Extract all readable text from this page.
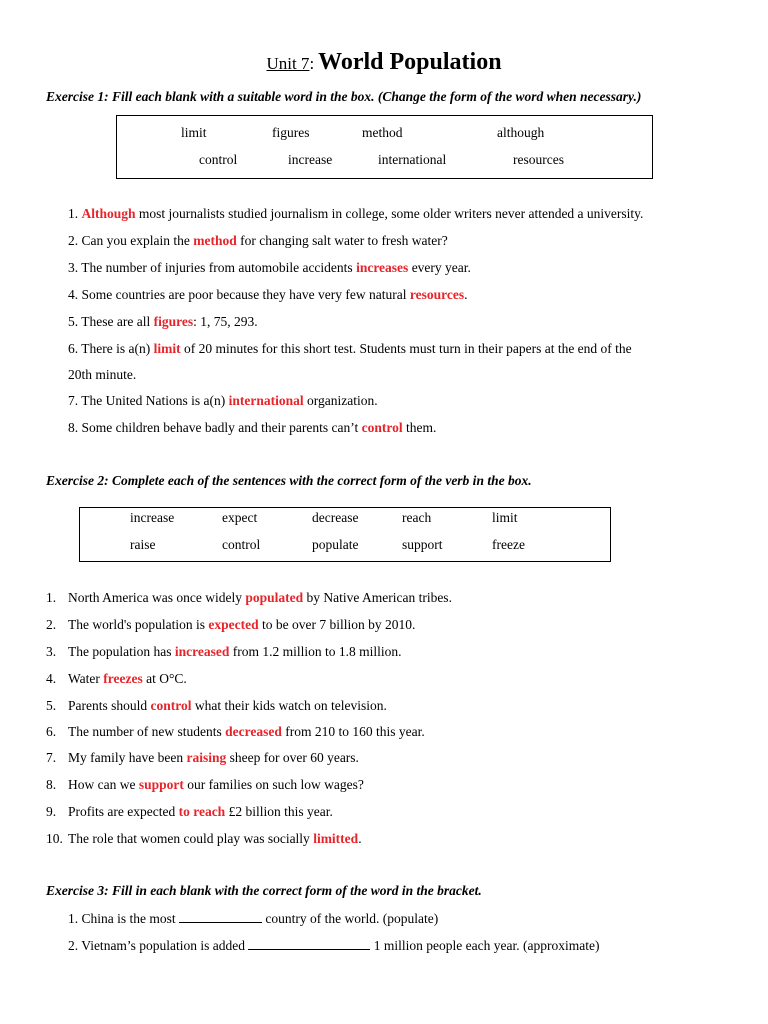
Unit 7: World Population
Exercise 1: Fill each blank with a suitable word in the box. (Change the form of the word when necessary.)
limit	figures	method	although
control	increase	international	resources
1. Although most journalists studied journalism in college, some older writers never attended a university.
2. Can you explain the method for changing salt water to fresh water?
3. The number of injuries from automobile accidents increases every year.
4. Some countries are poor because they have very few natural resources.
5. These are all figures: 1, 75, 293.
6. There is a(n) limit of 20 minutes for this short test. Students must turn in their papers at the end of the
20th minute.
7. The United Nations is a(n) international organization.
8. Some children behave badly and their parents can’t control them.
Exercise 2: Complete each of the sentences with the correct form of the verb in the box.
increase	expect	decrease	reach	limit
raise	control	populate	support	freeze
1. North America was once widely populated by Native American tribes.
2. The world's population is expected to be over 7 billion by 2010.
3. The population has increased from 1.2 million to 1.8 million.
4. Water freezes at O°C.
5. Parents should control what their kids watch on television.
6. The number of new students decreased from 210 to 160 this year.
7. My family have been raising sheep for over 60 years.
8. How can we support our families on such low wages?
9. Profits are expected to reach £2 billion this year.
10. The role that women could play was socially limitted.
Exercise 3: Fill in each blank with the correct form of the word in the bracket.
1. China is the most	country of the world. (populate)
2. Vietnam’s population is added	1 million people each year. (approximate)
